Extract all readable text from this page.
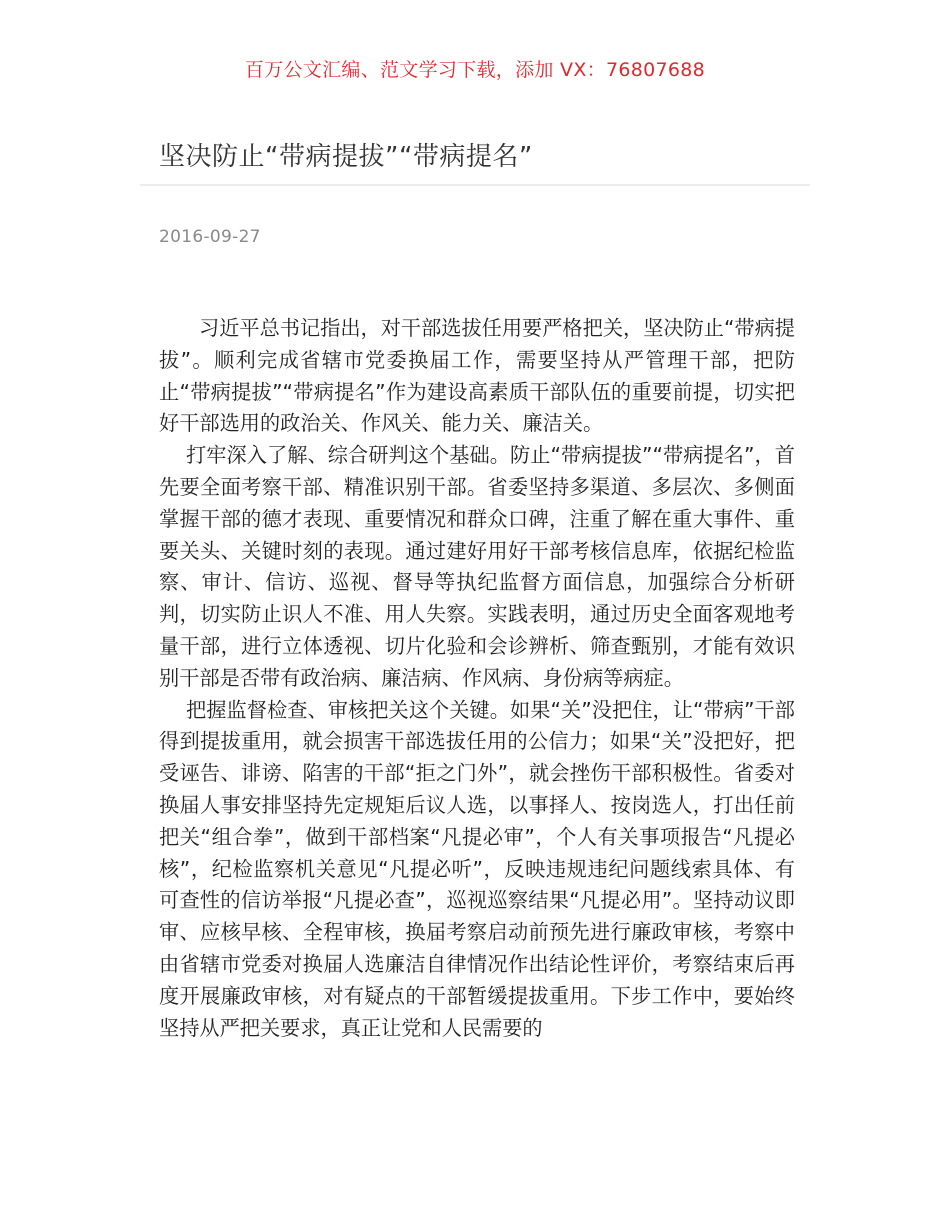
百万公文汇编、范文学习下载，添加 VX：76807688
坚决防止“带病提拔”“带病提名”
2016-09-27

习近平总书记指出，对干部选拔任用要严格把关，坚决防止“带病提拔”。顺利完成省辖市党委换届工作，需要坚持从严管理干部，把防止“带病提拔”“带病提名”作为建设高素质干部队伍的重要前提，切实把好干部选用的政治关、作风关、能力关、廉洁关。

打牢深入了解、综合研判这个基础。防止“带病提拔”“带病提名”，首先要全面考察干部、精准识别干部。省委坚持多渠道、多层次、多侧面掌握干部的德才表现、重要情况和群众口碑，注重了解在重大事件、重要关头、关键时刻的表现。通过建好用好干部考核信息库，依据纪检监察、审计、信访、巡视、督导等执纪监督方面信息，加强综合分析研判，切实防止识人不准、用人失察。实践表明，通过历史全面客观地考量干部，进行立体透视、切片化验和会诊辨析、筛查甄别，才能有效识别干部是否带有政治病、廉洁病、作风病、身份病等病症。

把握监督检查、审核把关这个关键。如果“关”没把住，让“带病”干部得到提拔重用，就会损害干部选拔任用的公信力；如果“关”没把好，把受诬告、诽谤、陷害的干部“拒之门外”，就会挫伤干部积极性。省委对换届人事安排坚持先定规矩后议人选，以事择人、按岗选人，打出任前把关“组合拳”，做到干部档案“凡提必审”，个人有关事项报告“凡提必核”，纪检监察机关意见“凡提必听”，反映违规违纪问题线索具体、有可查性的信访举报“凡提必查”，巡视巡察结果“凡提必用”。坚持动议即审、应核早核、全程审核，换届考察启动前预先进行廉政审核，考察中由省辖市党委对换届人选廉洁自律情况作出结论性评价，考察结束后再度开展廉政审核，对有疑点的干部暂缓提拔重用。下步工作中，要始终坚持从严把关要求，真正让党和人民需要的
